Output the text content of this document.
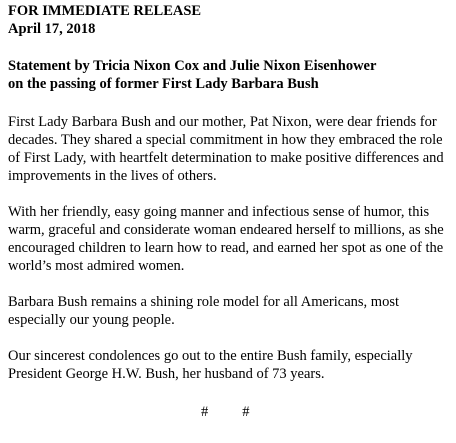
FOR IMMEDIATE RELEASE

April 17, 2018

Statement by Tricia Nixon Cox and Julie Nixon Eisenhower

on the passing of former First Lady Barbara Bush

First Lady Barbara Bush and our mother, Pat Nixon, were dear friends for decades. They shared a special commitment in how they embraced the role of First Lady, with heartfelt determination to make positive differences and improvements in the lives of others.

With her friendly, easy going manner and infectious sense of humor, this warm, graceful and considerate woman endeared herself to millions, as she encouraged children to learn how to read, and earned her spot as one of the world’s most admired women.

Barbara Bush remains a shining role model for all Americans, most especially our young people.

Our sincerest condolences go out to the entire Bush family, especially President George H.W. Bush, her husband of 73 years.

# #
